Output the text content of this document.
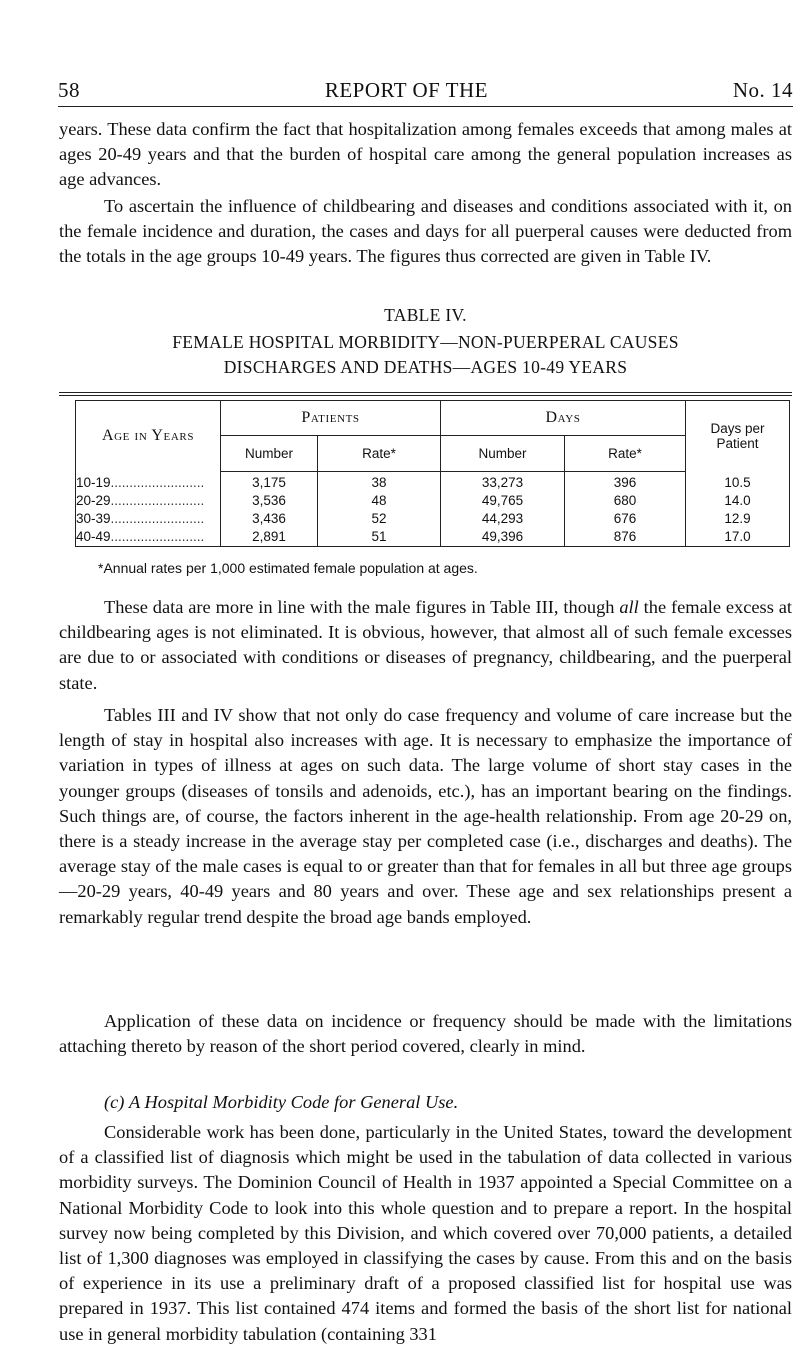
58	REPORT OF THE	No. 14

years. These data confirm the fact that hospitalization among females exceeds that among males at ages 20-49 years and that the burden of hospital care among the general population increases as age advances.

To ascertain the influence of childbearing and diseases and conditions associated with it, on the female incidence and duration, the cases and days for all puerperal causes were deducted from the totals in the age groups 10-49 years. The figures thus corrected are given in Table IV.

TABLE IV.
FEMALE HOSPITAL MORBIDITY—NON-PUERPERAL CAUSES
DISCHARGES AND DEATHS—AGES 10-49 YEARS
Age in Years	Patients		Days		Days per Patient
	Number	Rate*	Number	Rate*	
10-19.........................	3,175	38	33,273	396	10.5
20-29.........................	3,536	48	49,765	680	14.0
30-39.........................	3,436	52	44,293	676	12.9
40-49.........................	2,891	51	49,396	876	17.0
*Annual rates per 1,000 estimated female population at ages.

These data are more in line with the male figures in Table III, though all the female excess at childbearing ages is not eliminated. It is obvious, however, that almost all of such female excesses are due to or associated with conditions or diseases of pregnancy, childbearing, and the puerperal state.

Tables III and IV show that not only do case frequency and volume of care increase but the length of stay in hospital also increases with age. It is necessary to emphasize the importance of variation in types of illness at ages on such data. The large volume of short stay cases in the younger groups (diseases of tonsils and adenoids, etc.), has an important bearing on the findings. Such things are, of course, the factors inherent in the age-health relationship. From age 20-29 on, there is a steady increase in the average stay per completed case (i.e., discharges and deaths). The average stay of the male cases is equal to or greater than that for females in all but three age groups—20-29 years, 40-49 years and 80 years and over. These age and sex relationships present a remarkably regular trend despite the broad age bands employed.

Application of these data on incidence or frequency should be made with the limitations attaching thereto by reason of the short period covered, clearly in mind.

(c) A Hospital Morbidity Code for General Use.

Considerable work has been done, particularly in the United States, toward the development of a classified list of diagnosis which might be used in the tabulation of data collected in various morbidity surveys. The Dominion Council of Health in 1937 appointed a Special Committee on a National Morbidity Code to look into this whole question and to prepare a report. In the hospital survey now being completed by this Division, and which covered over 70,000 patients, a detailed list of 1,300 diagnoses was employed in classifying the cases by cause. From this and on the basis of experience in its use a preliminary draft of a proposed classified list for hospital use was prepared in 1937. This list contained 474 items and formed the basis of the short list for national use in general morbidity tabulation (containing 331
